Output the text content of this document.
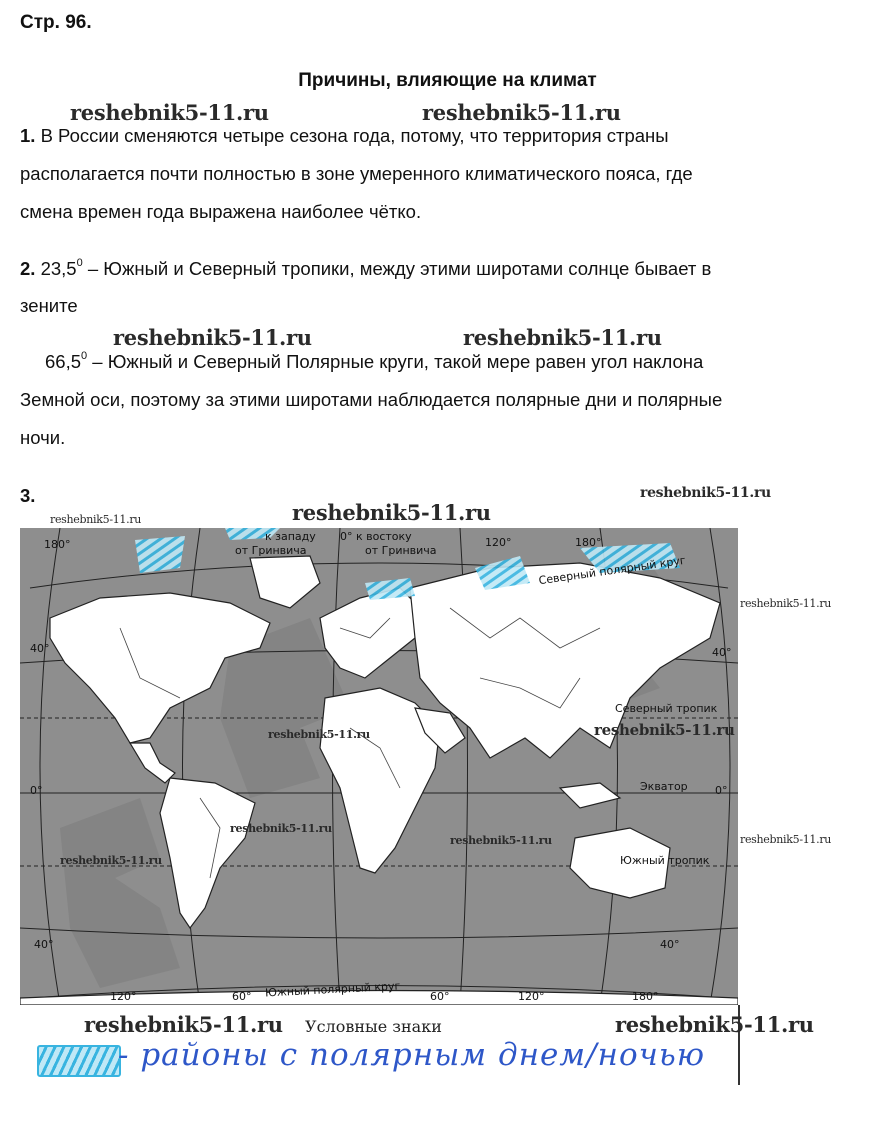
Стр. 96.
Причины, влияющие на климат
reshebnik5-11.ru	reshebnik5-11.ru
1. В России сменяются четыре сезона года, потому, что территория страны
располагается почти полностью в зоне умеренного климатического пояса, где
смена времен года выражена наиболее чётко.
2. 23,5$^0$ – Южный и Северный тропики, между этими широтами солнце бывает в
зените
reshebnik5-11.ru	reshebnik5-11.ru
66,5$^0$ – Южный и Северный Полярные круги, такой мере равен угол наклона
Земной оси, поэтому за этими широтами наблюдается полярные дни и полярные
ночи.
3.
reshebnik5-11.ru	reshebnik5-11.ru
reshebnik5-11.ru
180°
к западу
от Гринвича
0° к востоку
от Гринвича
120°	180°
Северный полярный круг
40°	40°
Северный тропик
0°	0°
Экватор
Южный тропик
40°	40°
120°	60° Южный полярный круг	60°	120°	180°
reshebnik5-11.ru	reshebnik5-11.ru
reshebnik5-11.ru
reshebnik5-11.ru
reshebnik5-11.ru
reshebnik5-11.ru
reshebnik5-11.ru
reshebnik5-11.ru Условные знаки	reshebnik5-11.ru
- районы с полярным днем/ночью
